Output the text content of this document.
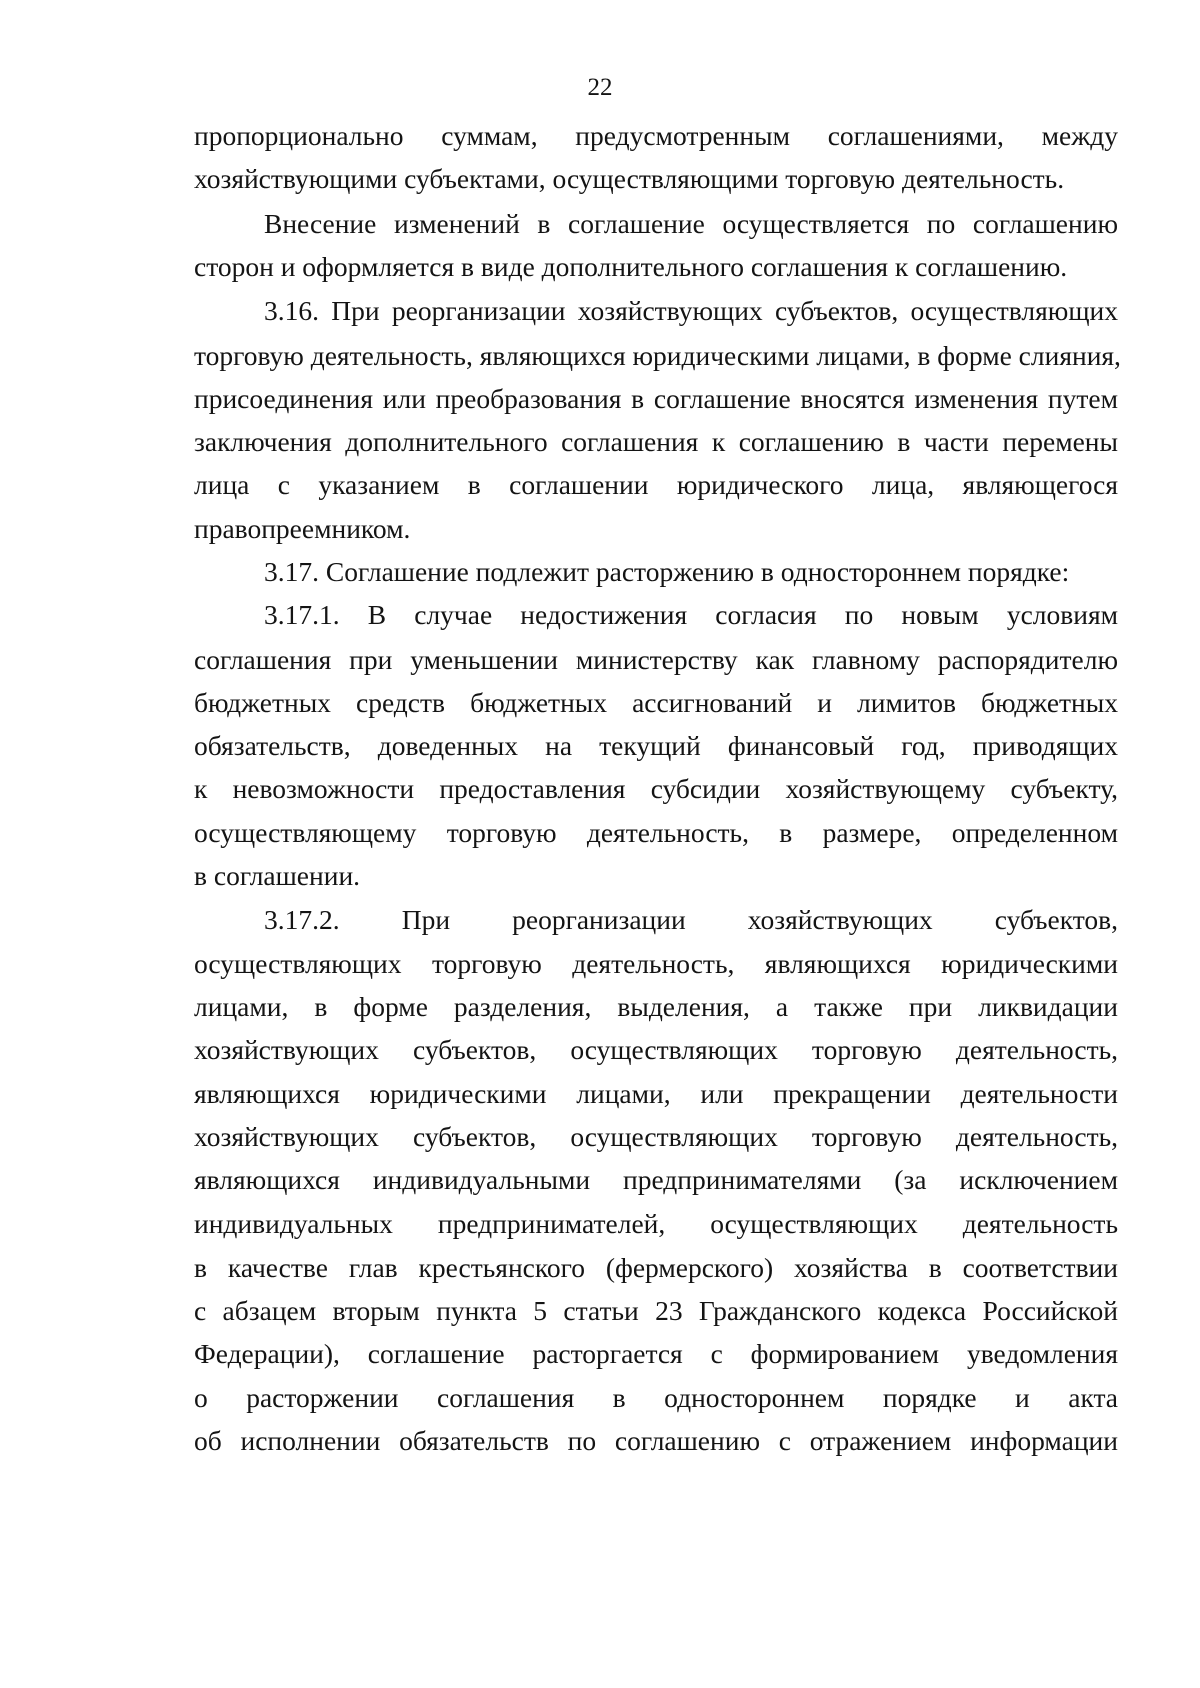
22
пропорционально суммам, предусмотренным соглашениями, между
хозяйствующими субъектами, осуществляющими торговую деятельность.
Внесение изменений в соглашение осуществляется по соглашению
сторон и оформляется в виде дополнительного соглашения к соглашению.
3.16. При реорганизации хозяйствующих субъектов, осуществляющих
торговую деятельность, являющихся юридическими лицами, в форме слияния,
присоединения или преобразования в соглашение вносятся изменения путем
заключения дополнительного соглашения к соглашению в части перемены
лица с указанием в соглашении юридического лица, являющегося
правопреемником.
3.17. Соглашение подлежит расторжению в одностороннем порядке:
3.17.1. В случае недостижения согласия по новым условиям
соглашения при уменьшении министерству как главному распорядителю
бюджетных средств бюджетных ассигнований и лимитов бюджетных
обязательств, доведенных на текущий финансовый год, приводящих
к невозможности предоставления субсидии хозяйствующему субъекту,
осуществляющему торговую деятельность, в размере, определенном
в соглашении.
3.17.2. При реорганизации хозяйствующих субъектов,
осуществляющих торговую деятельность, являющихся юридическими
лицами, в форме разделения, выделения, а также при ликвидации
хозяйствующих субъектов, осуществляющих торговую деятельность,
являющихся юридическими лицами, или прекращении деятельности
хозяйствующих субъектов, осуществляющих торговую деятельность,
являющихся индивидуальными предпринимателями (за исключением
индивидуальных предпринимателей, осуществляющих деятельность
в качестве глав крестьянского (фермерского) хозяйства в соответствии
с абзацем вторым пункта 5 статьи 23 Гражданского кодекса Российской
Федерации), соглашение расторгается с формированием уведомления
о расторжении соглашения в одностороннем порядке и акта
об исполнении обязательств по соглашению с отражением информации
